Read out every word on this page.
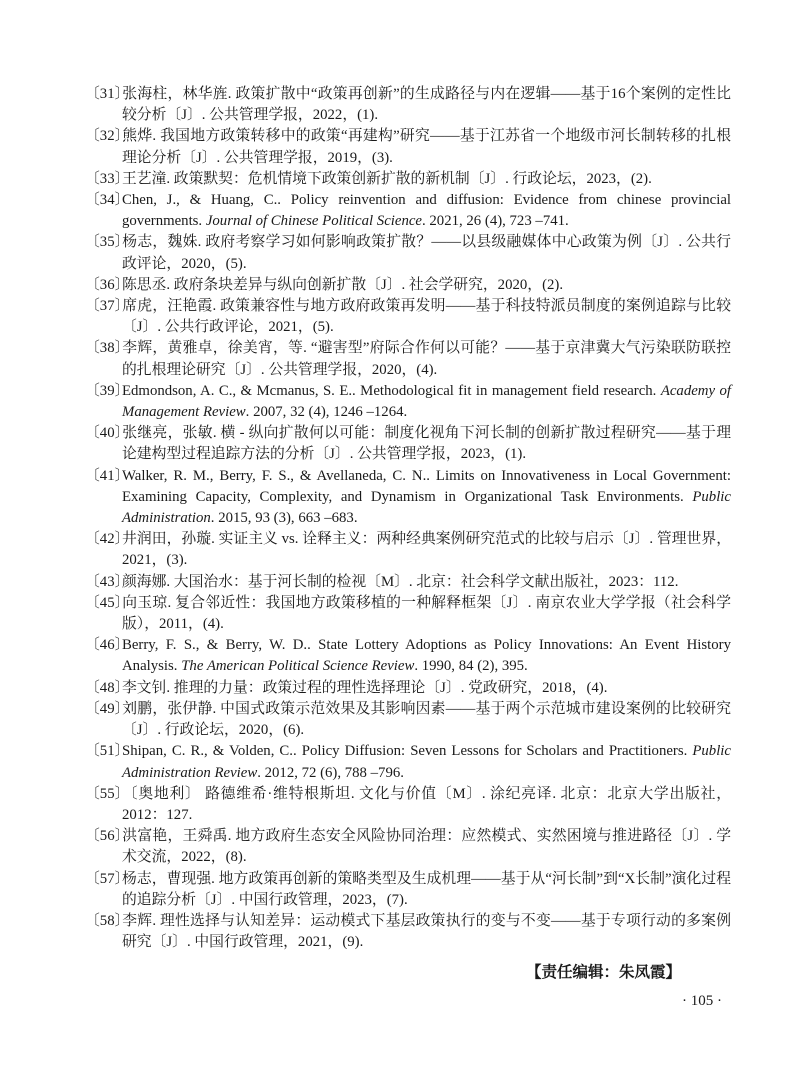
〔31〕张海柱，林华旌. 政策扩散中“政策再创新”的生成路径与内在逻辑——基于16个案例的定性比较分析〔J〕. 公共管理学报，2022，(1).
〔32〕熊烨. 我国地方政策转移中的政策“再建构”研究——基于江苏省一个地级市河长制转移的扎根理论分析〔J〕. 公共管理学报，2019，(3).
〔33〕王艺潼. 政策默契：危机情境下政策创新扩散的新机制〔J〕. 行政论坛，2023，(2).
〔34〕Chen, J., & Huang, C.. Policy reinvention and diffusion: Evidence from chinese provincial governments. Journal of Chinese Political Science. 2021, 26 (4), 723 –741.
〔35〕杨志，魏姝. 政府考察学习如何影响政策扩散？——以县级融媒体中心政策为例〔J〕. 公共行政评论，2020，(5).
〔36〕陈思丞. 政府条块差异与纵向创新扩散〔J〕. 社会学研究，2020，(2).
〔37〕席虎，汪艳霞. 政策兼容性与地方政府政策再发明——基于科技特派员制度的案例追踪与比较〔J〕. 公共行政评论，2021，(5).
〔38〕李辉，黄雅卓，徐美宵，等. “避害型”府际合作何以可能？——基于京津冀大气污染联防联控的扎根理论研究〔J〕. 公共管理学报，2020，(4).
〔39〕Edmondson, A. C., & Mcmanus, S. E.. Methodological fit in management field research. Academy of Management Review. 2007, 32 (4), 1246 –1264.
〔40〕张继亮，张敏. 横 - 纵向扩散何以可能：制度化视角下河长制的创新扩散过程研究——基于理论建构型过程追踪方法的分析〔J〕. 公共管理学报，2023，(1).
〔41〕Walker, R. M., Berry, F. S., & Avellaneda, C. N.. Limits on Innovativeness in Local Government: Examining Capacity, Complexity, and Dynamism in Organizational Task Environments. Public Administration. 2015, 93 (3), 663 –683.
〔42〕井润田，孙璇. 实证主义 vs. 诠释主义：两种经典案例研究范式的比较与启示〔J〕. 管理世界，2021，(3).
〔43〕颜海娜. 大国治水：基于河长制的检视〔M〕. 北京：社会科学文献出版社，2023：112.
〔45〕向玉琼. 复合邻近性：我国地方政策移植的一种解释框架〔J〕. 南京农业大学学报（社会科学版），2011，(4).
〔46〕Berry, F. S., & Berry, W. D.. State Lottery Adoptions as Policy Innovations: An Event History Analysis. The American Political Science Review. 1990, 84 (2), 395.
〔48〕李文钊. 推理的力量：政策过程的理性选择理论〔J〕. 党政研究，2018，(4).
〔49〕刘鹏，张伊静. 中国式政策示范效果及其影响因素——基于两个示范城市建设案例的比较研究〔J〕. 行政论坛，2020，(6).
〔51〕Shipan, C. R., & Volden, C.. Policy Diffusion: Seven Lessons for Scholars and Practitioners. Public Administration Review. 2012, 72 (6), 788 –796.
〔55〕〔奥地利〕 路德维希·维特根斯坦. 文化与价值〔M〕. 涂纪亮译. 北京：北京大学出版社，2012：127.
〔56〕洪富艳，王舜禹. 地方政府生态安全风险协同治理：应然模式、实然困境与推进路径〔J〕. 学术交流，2022，(8).
〔57〕杨志，曹现强. 地方政策再创新的策略类型及生成机理——基于从“河长制”到“X长制”演化过程的追踪分析〔J〕. 中国行政管理，2023，(7).
〔58〕李辉. 理性选择与认知差异：运动模式下基层政策执行的变与不变——基于专项行动的多案例研究〔J〕. 中国行政管理，2021，(9).
【责任编辑：朱凤霞】
· 105 ·
